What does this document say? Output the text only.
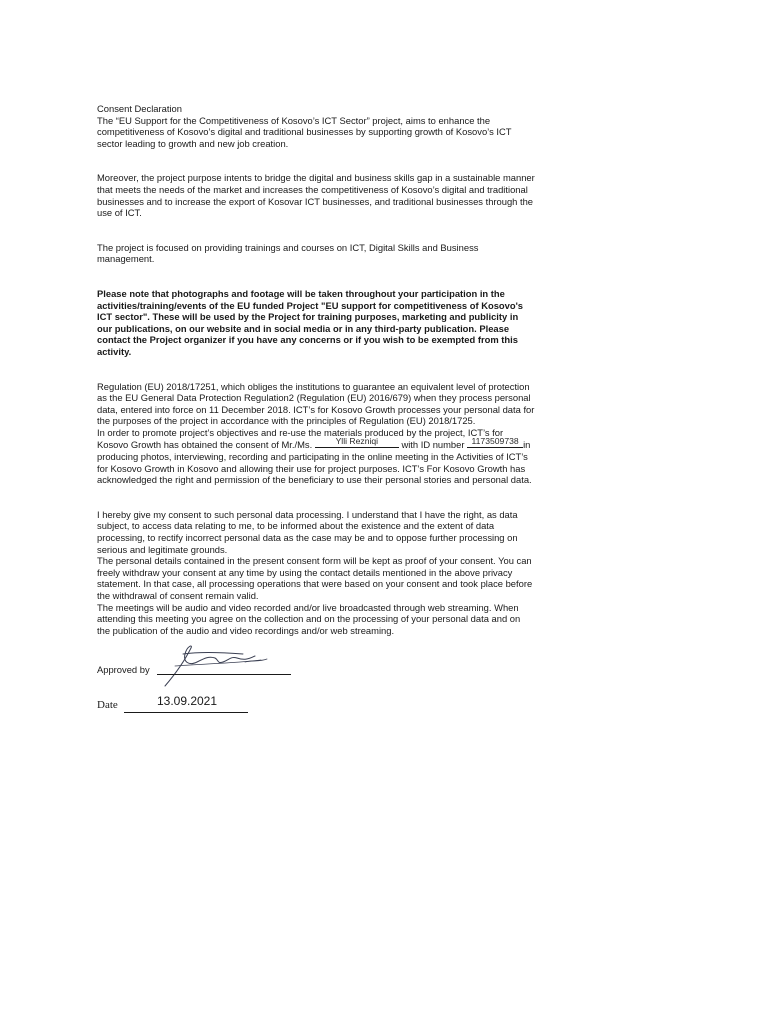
Consent Declaration
The “EU Support for the Competitiveness of Kosovo’s ICT Sector” project, aims to enhance the
competitiveness of Kosovo’s digital and traditional businesses by supporting growth of Kosovo’s ICT
sector leading to growth and new job creation.
Moreover, the project purpose intents to bridge the digital and business skills gap in a sustainable manner
that meets the needs of the market and increases the competitiveness of Kosovo’s digital and traditional
businesses and to increase the export of Kosovar ICT businesses, and traditional businesses through the
use of ICT.
The project is focused on providing trainings and courses on ICT, Digital Skills and Business
management.
Please note that photographs and footage will be taken throughout your participation in the
activities/training/events of the EU funded Project "EU support for competitiveness of Kosovo's
ICT sector". These will be used by the Project for training purposes, marketing and publicity in
our publications, on our website and in social media or in any third-party publication. Please
contact the Project organizer if you have any concerns or if you wish to be exempted from this
activity.
Regulation (EU) 2018/17251, which obliges the institutions to guarantee an equivalent level of protection
as the EU General Data Protection Regulation2 (Regulation (EU) 2016/679) when they process personal
data, entered into force on 11 December 2018. ICT’s for Kosovo Growth processes your personal data for
the purposes of the project in accordance with the principles of Regulation (EU) 2018/1725.
In order to promote project’s objectives and re-use the materials produced by the project, ICT’s for
Kosovo Growth has obtained the consent of Mr./Ms.	Ylli Rezniqi	with ID number 1173509738 in
producing photos, interviewing, recording and participating in the online meeting in the Activities of ICT’s
for Kosovo Growth in Kosovo and allowing their use for project purposes. ICT’s For Kosovo Growth has
acknowledged the right and permission of the beneficiary to use their personal stories and personal data.
I hereby give my consent to such personal data processing. I understand that I have the right, as data
subject, to access data relating to me, to be informed about the existence and the extent of data
processing, to rectify incorrect personal data as the case may be and to oppose further processing on
serious and legitimate grounds.
The personal details contained in the present consent form will be kept as proof of your consent. You can
freely withdraw your consent at any time by using the contact details mentioned in the above privacy
statement. In that case, all processing operations that were based on your consent and took place before
the withdrawal of consent remain valid.
The meetings will be audio and video recorded and/or live broadcasted through web streaming. When
attending this meeting you agree on the collection and on the processing of your personal data and on
the publication of the audio and video recordings and/or web streaming.
Approved by
Date	13.09.2021
